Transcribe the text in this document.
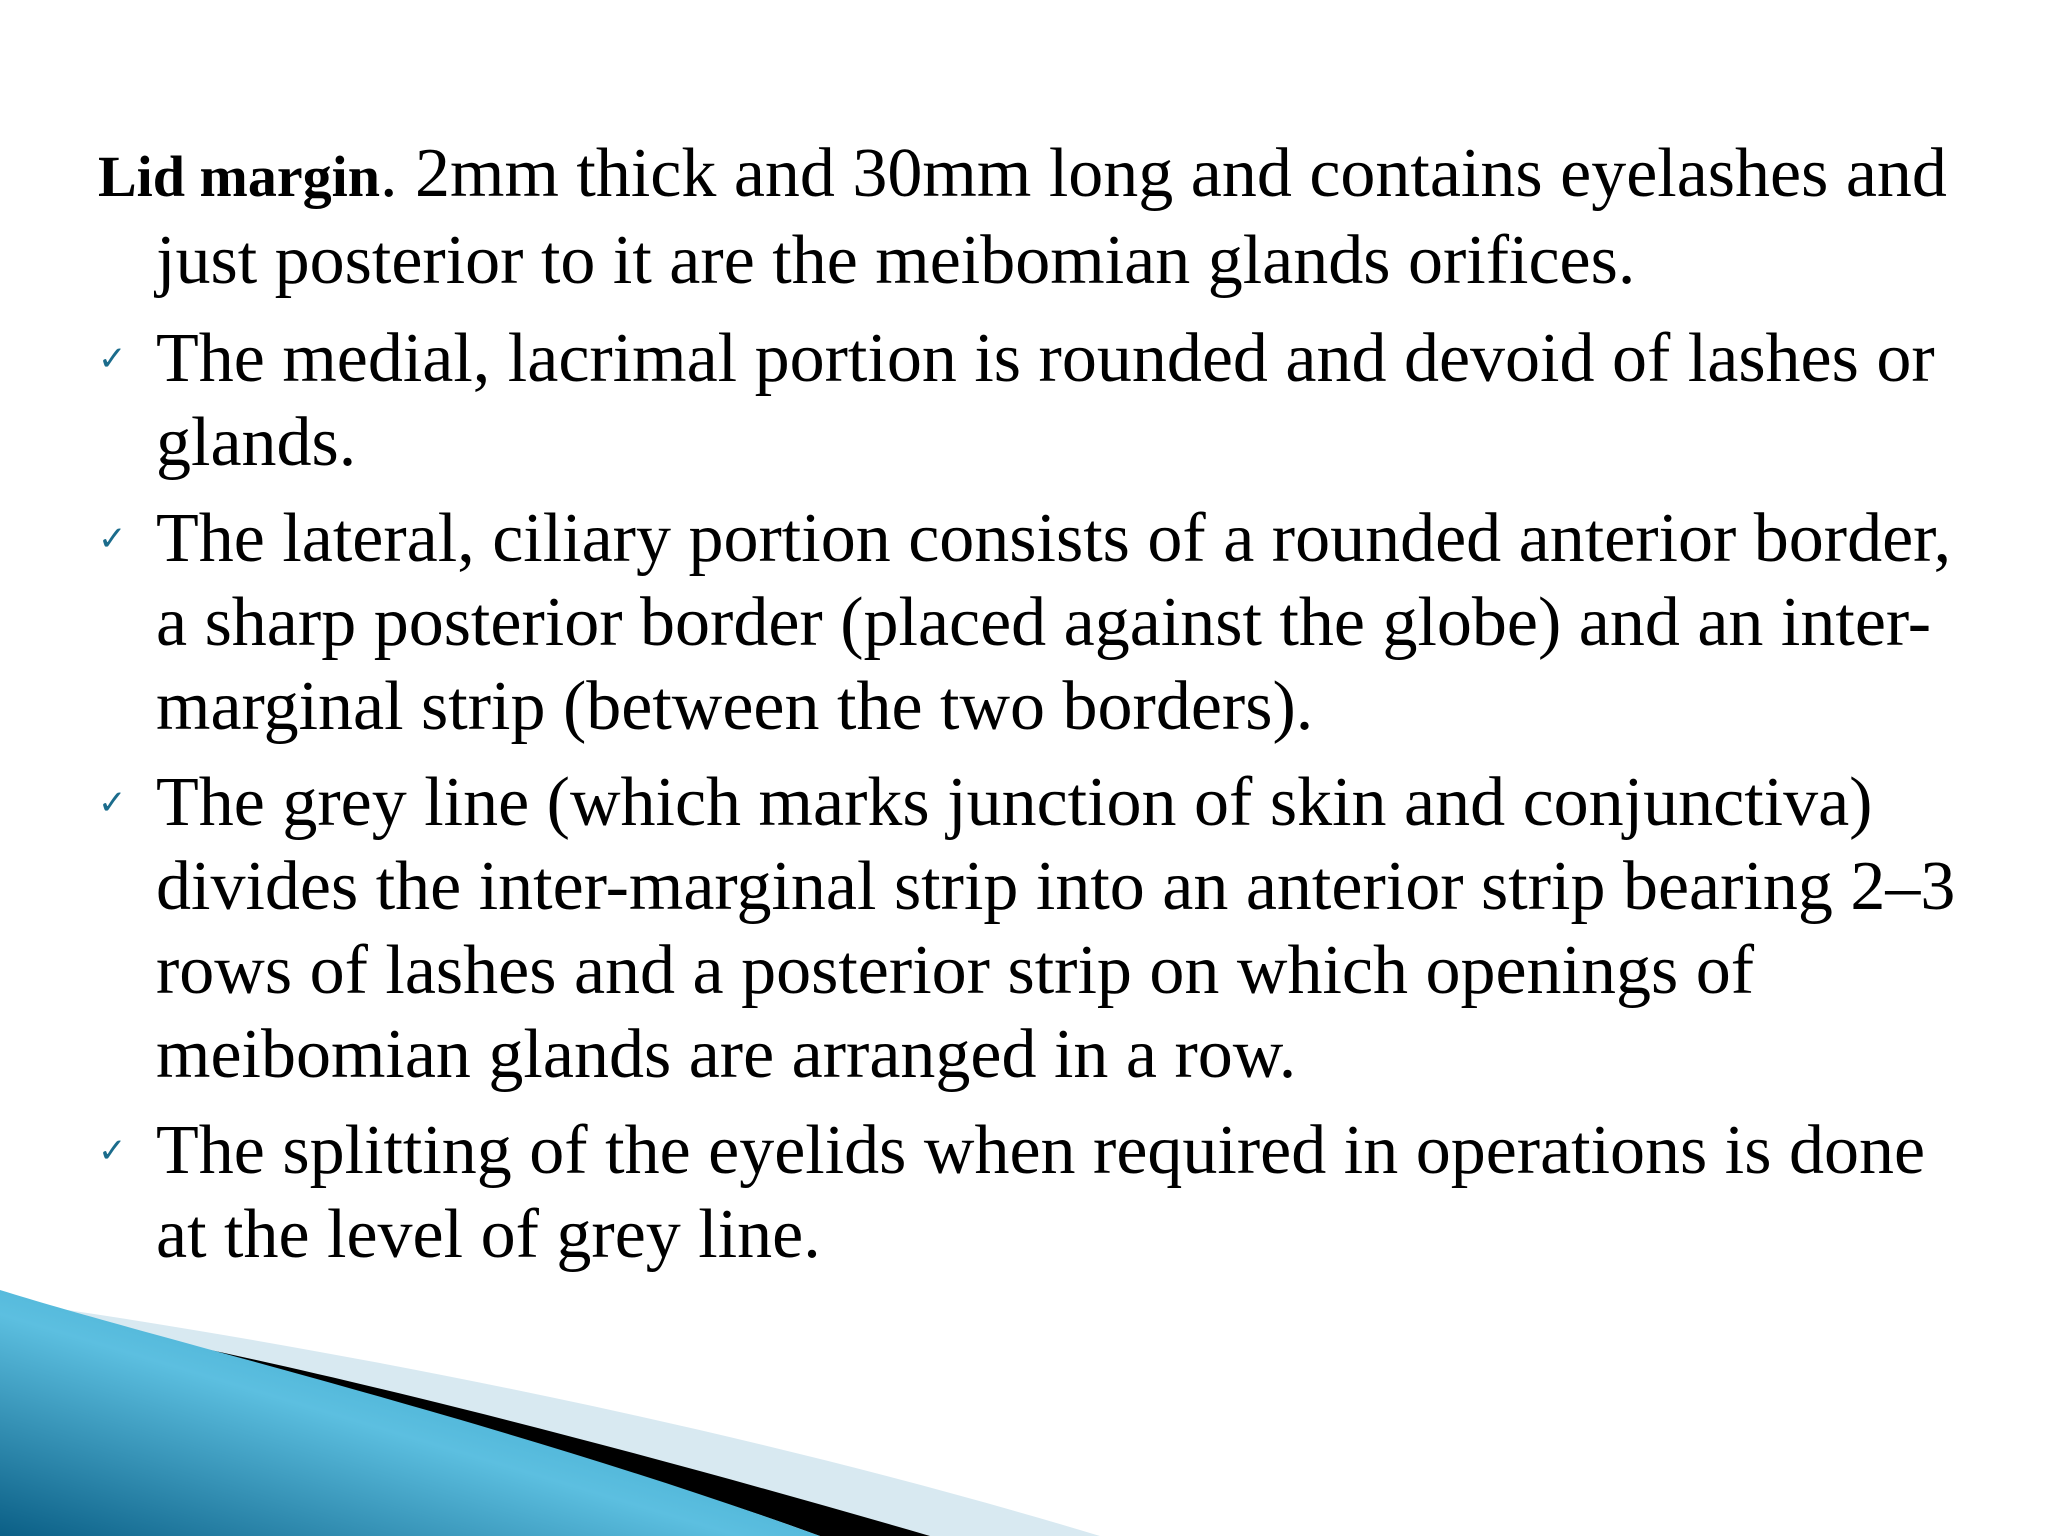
Lid margin. 2mm thick and 30mm long and contains eyelashes and just posterior to it are the meibomian glands orifices.
✓ The medial, lacrimal portion is rounded and devoid of lashes or glands.
✓ The lateral, ciliary portion consists of a rounded anterior border, a sharp posterior border (placed against the globe) and an inter-marginal strip (between the two borders).
✓ The grey line (which marks junction of skin and conjunctiva) divides the inter-marginal strip into an anterior strip bearing 2–3 rows of lashes and a posterior strip on which openings of meibomian glands are arranged in a row.
✓ The splitting of the eyelids when required in operations is done at the level of grey line.
